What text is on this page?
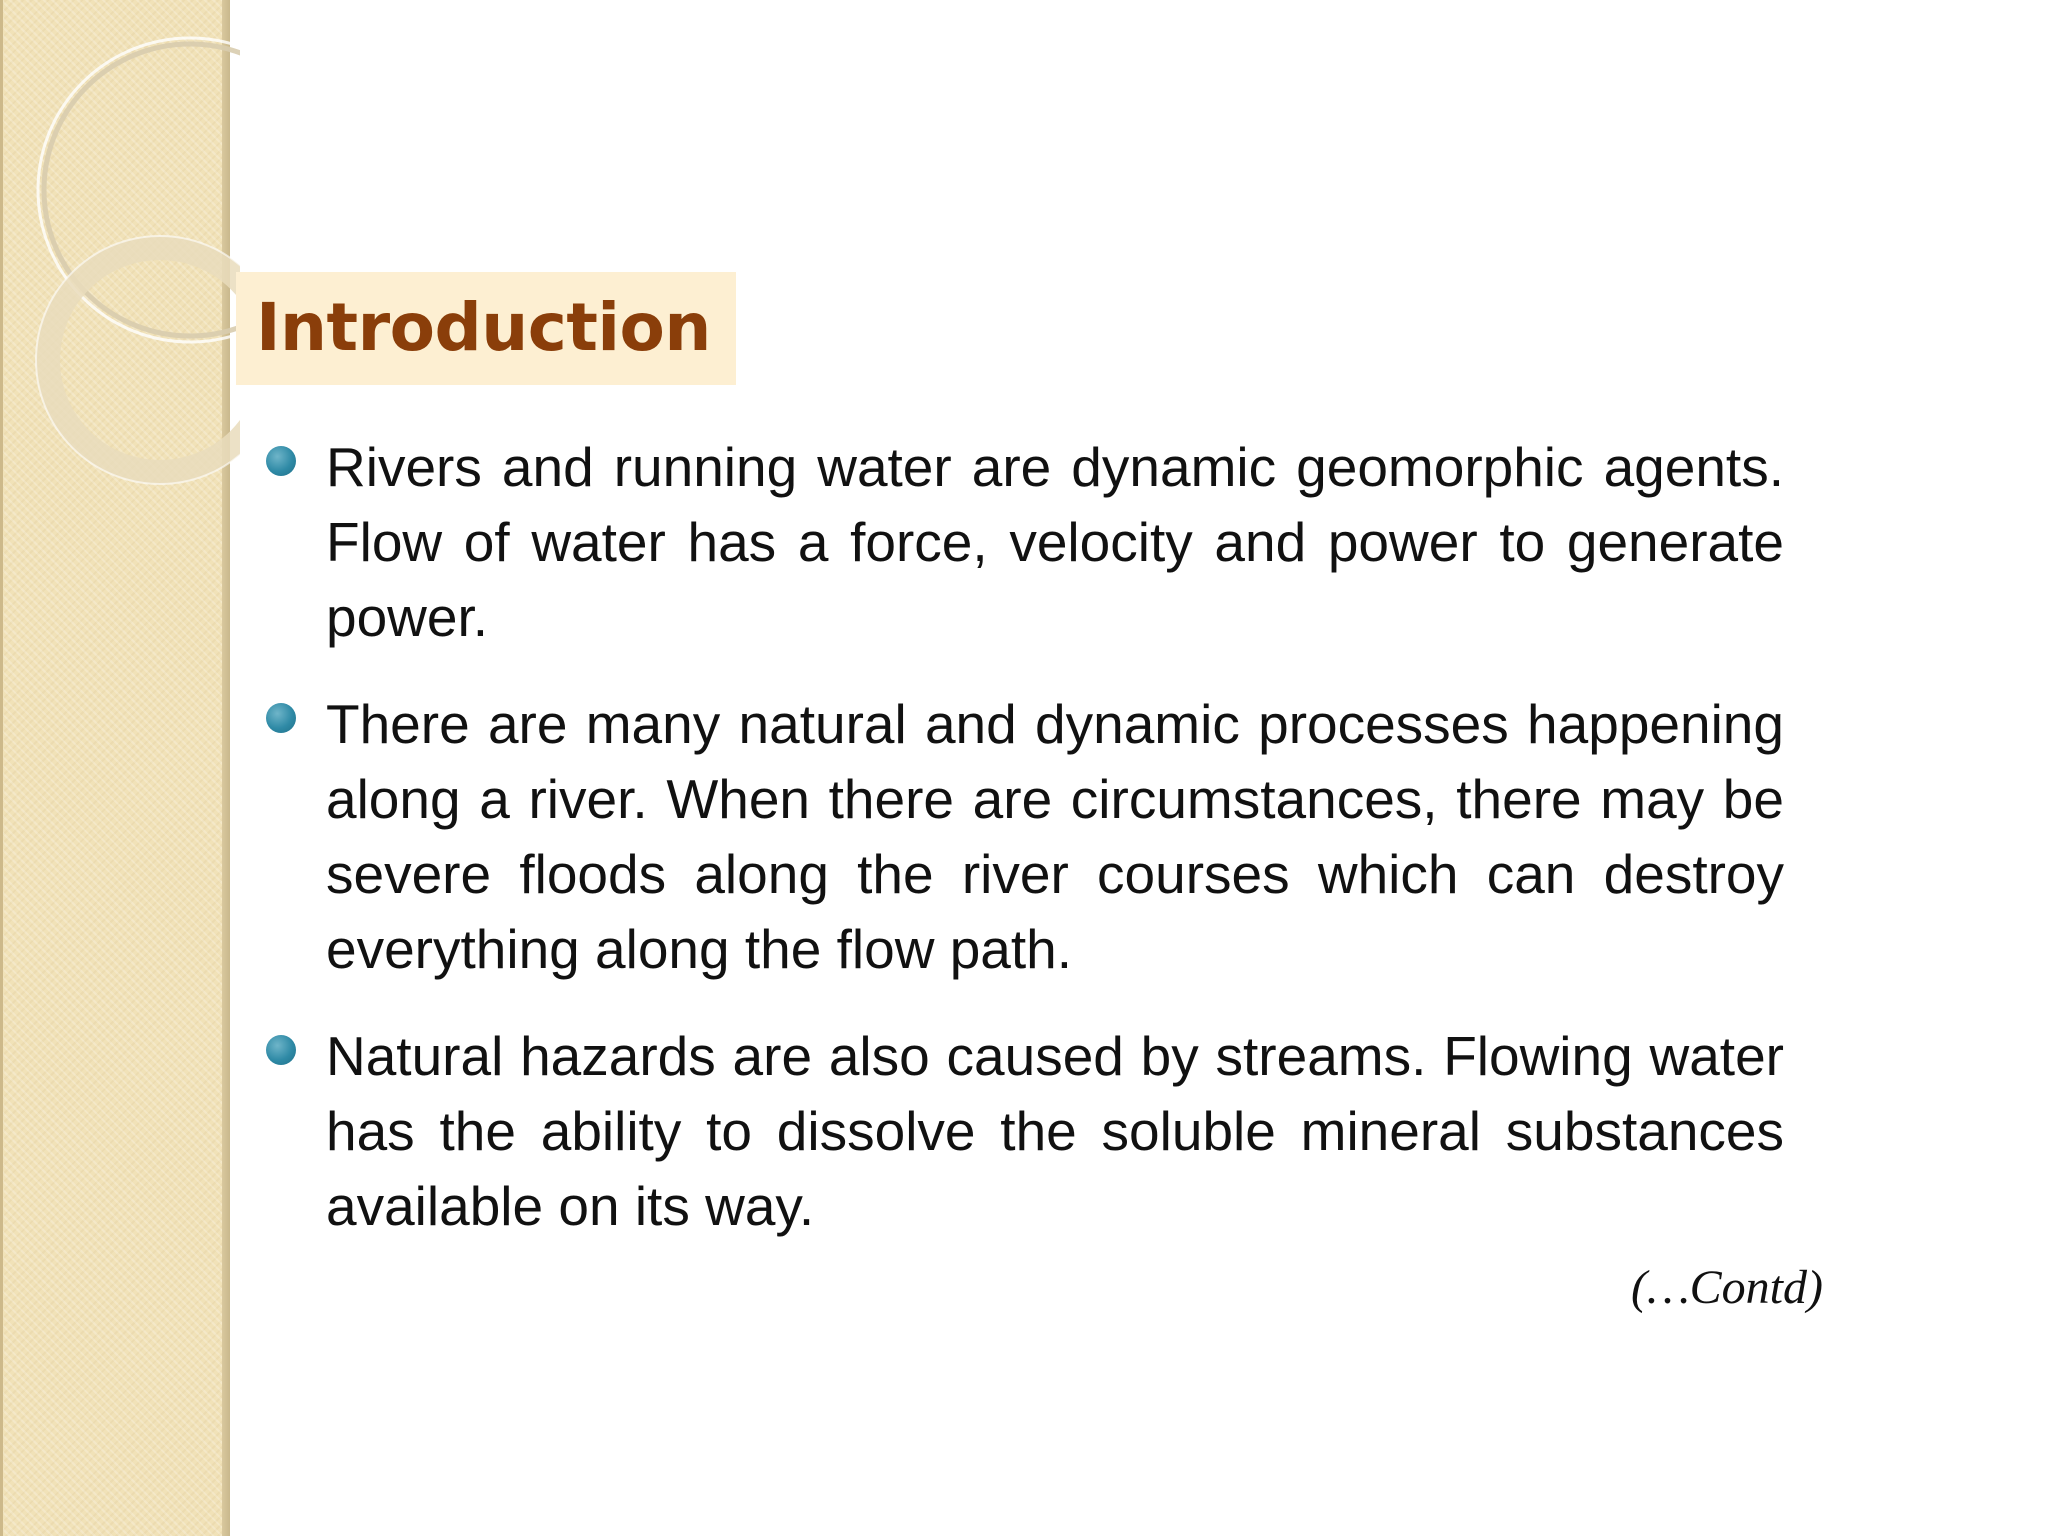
Introduction
Rivers and running water are dynamic geomorphic agents. Flow of water has a force, velocity and power to generate power.
There are many natural and dynamic processes happening along a river. When there are circumstances, there may be severe floods along the river courses which can destroy everything along the flow path.
Natural hazards are also caused by streams. Flowing water has the ability to dissolve the soluble mineral substances available on its way.
(…Contd)
